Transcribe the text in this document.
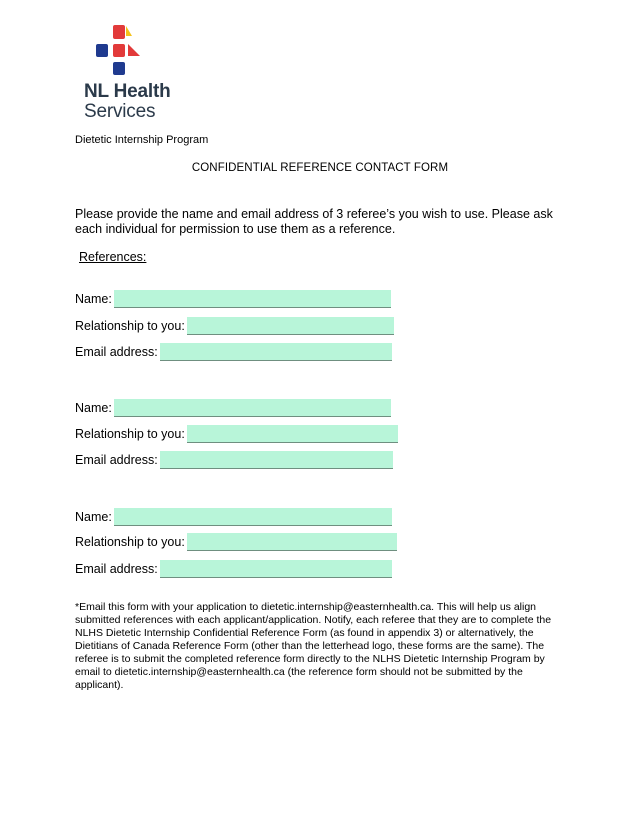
NL Health
Services
Dietetic Internship Program
CONFIDENTIAL REFERENCE CONTACT FORM
Please provide the name and email address of 3 referee’s you wish to use. Please ask each individual for permission to use them as a reference.
References:
Name:
Relationship to you:
Email address:
Name:
Relationship to you:
Email address:
Name:
Relationship to you:
Email address:
*Email this form with your application to dietetic.internship@easternhealth.ca. This will help us align submitted references with each applicant/application. Notify, each referee that they are to complete the NLHS Dietetic Internship Confidential Reference Form (as found in appendix 3) or alternatively, the Dietitians of Canada Reference Form (other than the letterhead logo, these forms are the same). The referee is to submit the completed reference form directly to the NLHS Dietetic Internship Program by email to dietetic.internship@easternhealth.ca (the reference form should not be submitted by the applicant).
